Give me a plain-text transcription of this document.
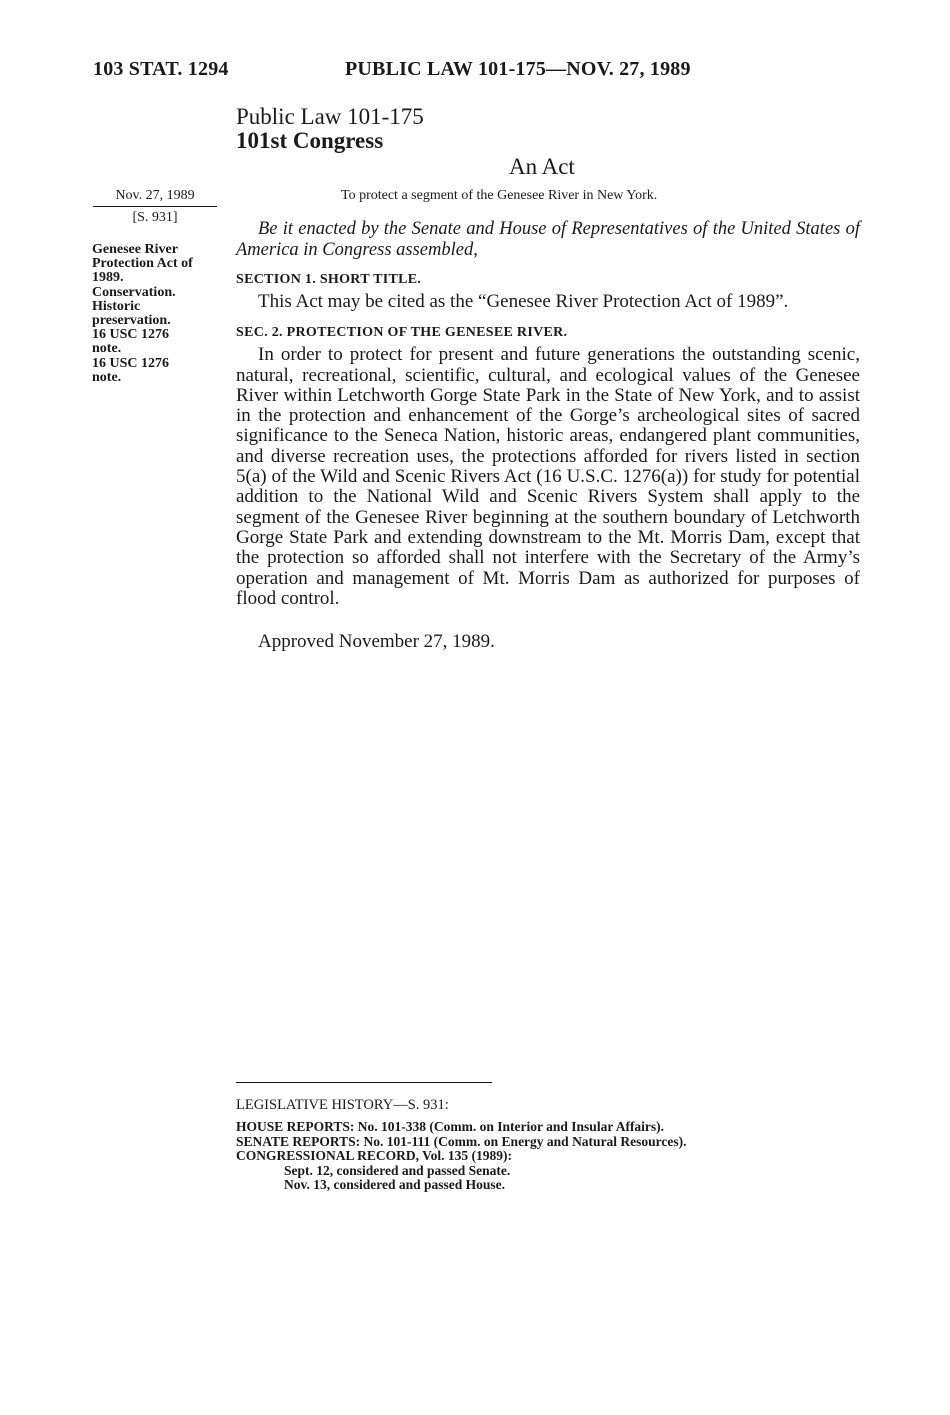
103 STAT. 1294	PUBLIC LAW 101-175—NOV. 27, 1989
Public Law 101-175
101st Congress
An Act
To protect a segment of the Genesee River in New York.
Nov. 27, 1989
[S. 931]
Genesee River
Protection Act of
1989.
Conservation.
Historic
preservation.
16 USC 1276
note.
16 USC 1276
note.

Be it enacted by the Senate and House of Representatives of the United States of America in Congress assembled,

SECTION 1. SHORT TITLE.

This Act may be cited as the “Genesee River Protection Act of 1989”.

SEC. 2. PROTECTION OF THE GENESEE RIVER.

In order to protect for present and future generations the outstanding scenic, natural, recreational, scientific, cultural, and ecological values of the Genesee River within Letchworth Gorge State Park in the State of New York, and to assist in the protection and enhancement of the Gorge’s archeological sites of sacred significance to the Seneca Nation, historic areas, endangered plant communities, and diverse recreation uses, the protections afforded for rivers listed in section 5(a) of the Wild and Scenic Rivers Act (16 U.S.C. 1276(a)) for study for potential addition to the National Wild and Scenic Rivers System shall apply to the segment of the Genesee River beginning at the southern boundary of Letchworth Gorge State Park and extending downstream to the Mt. Morris Dam, except that the protection so afforded shall not interfere with the Secretary of the Army’s operation and management of Mt. Morris Dam as authorized for purposes of flood control.

Approved November 27, 1989.
LEGISLATIVE HISTORY—S. 931:
HOUSE REPORTS: No. 101-338 (Comm. on Interior and Insular Affairs).
SENATE REPORTS: No. 101-111 (Comm. on Energy and Natural Resources).
CONGRESSIONAL RECORD, Vol. 135 (1989):
Sept. 12, considered and passed Senate.
Nov. 13, considered and passed House.
